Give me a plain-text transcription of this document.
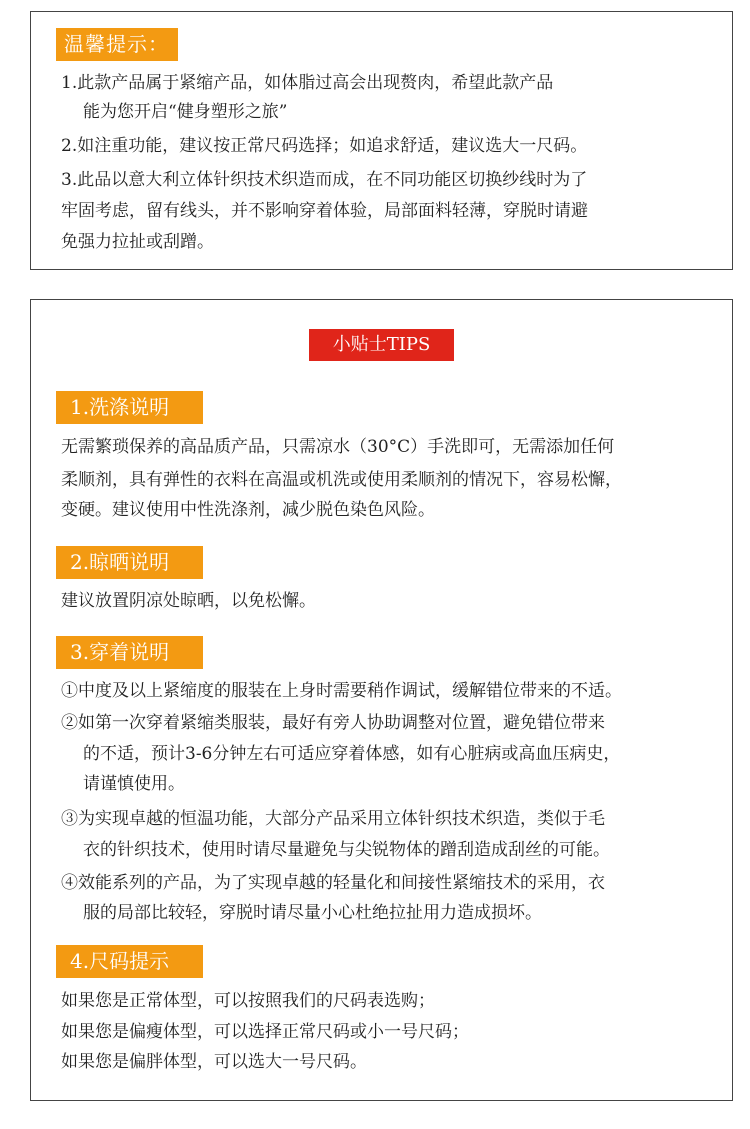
温馨提示：
1.此款产品属于紧缩产品，如体脂过高会出现赘肉，希望此款产品
能为您开启“健身塑形之旅”
2.如注重功能，建议按正常尺码选择；如追求舒适，建议选大一尺码。
3.此品以意大利立体针织技术织造而成，在不同功能区切换纱线时为了
牢固考虑，留有线头，并不影响穿着体验，局部面料轻薄，穿脱时请避
免强力拉扯或刮蹭。
小贴士TIPS
1.洗涤说明
无需繁琐保养的高品质产品，只需凉水（30°C）手洗即可，无需添加任何
柔顺剂，具有弹性的衣料在高温或机洗或使用柔顺剂的情况下，容易松懈，
变硬。建议使用中性洗涤剂，减少脱色染色风险。
2.晾晒说明
建议放置阴凉处晾晒，以免松懈。
3.穿着说明
①中度及以上紧缩度的服装在上身时需要稍作调试，缓解错位带来的不适。
②如第一次穿着紧缩类服装，最好有旁人协助调整对位置，避免错位带来
的不适，预计3-6分钟左右可适应穿着体感，如有心脏病或高血压病史，
请谨慎使用。
③为实现卓越的恒温功能，大部分产品采用立体针织技术织造，类似于毛
衣的针织技术，使用时请尽量避免与尖锐物体的蹭刮造成刮丝的可能。
④效能系列的产品，为了实现卓越的轻量化和间接性紧缩技术的采用，衣
服的局部比较轻，穿脱时请尽量小心杜绝拉扯用力造成损坏。
4.尺码提示
如果您是正常体型，可以按照我们的尺码表选购；
如果您是偏瘦体型，可以选择正常尺码或小一号尺码；
如果您是偏胖体型，可以选大一号尺码。
